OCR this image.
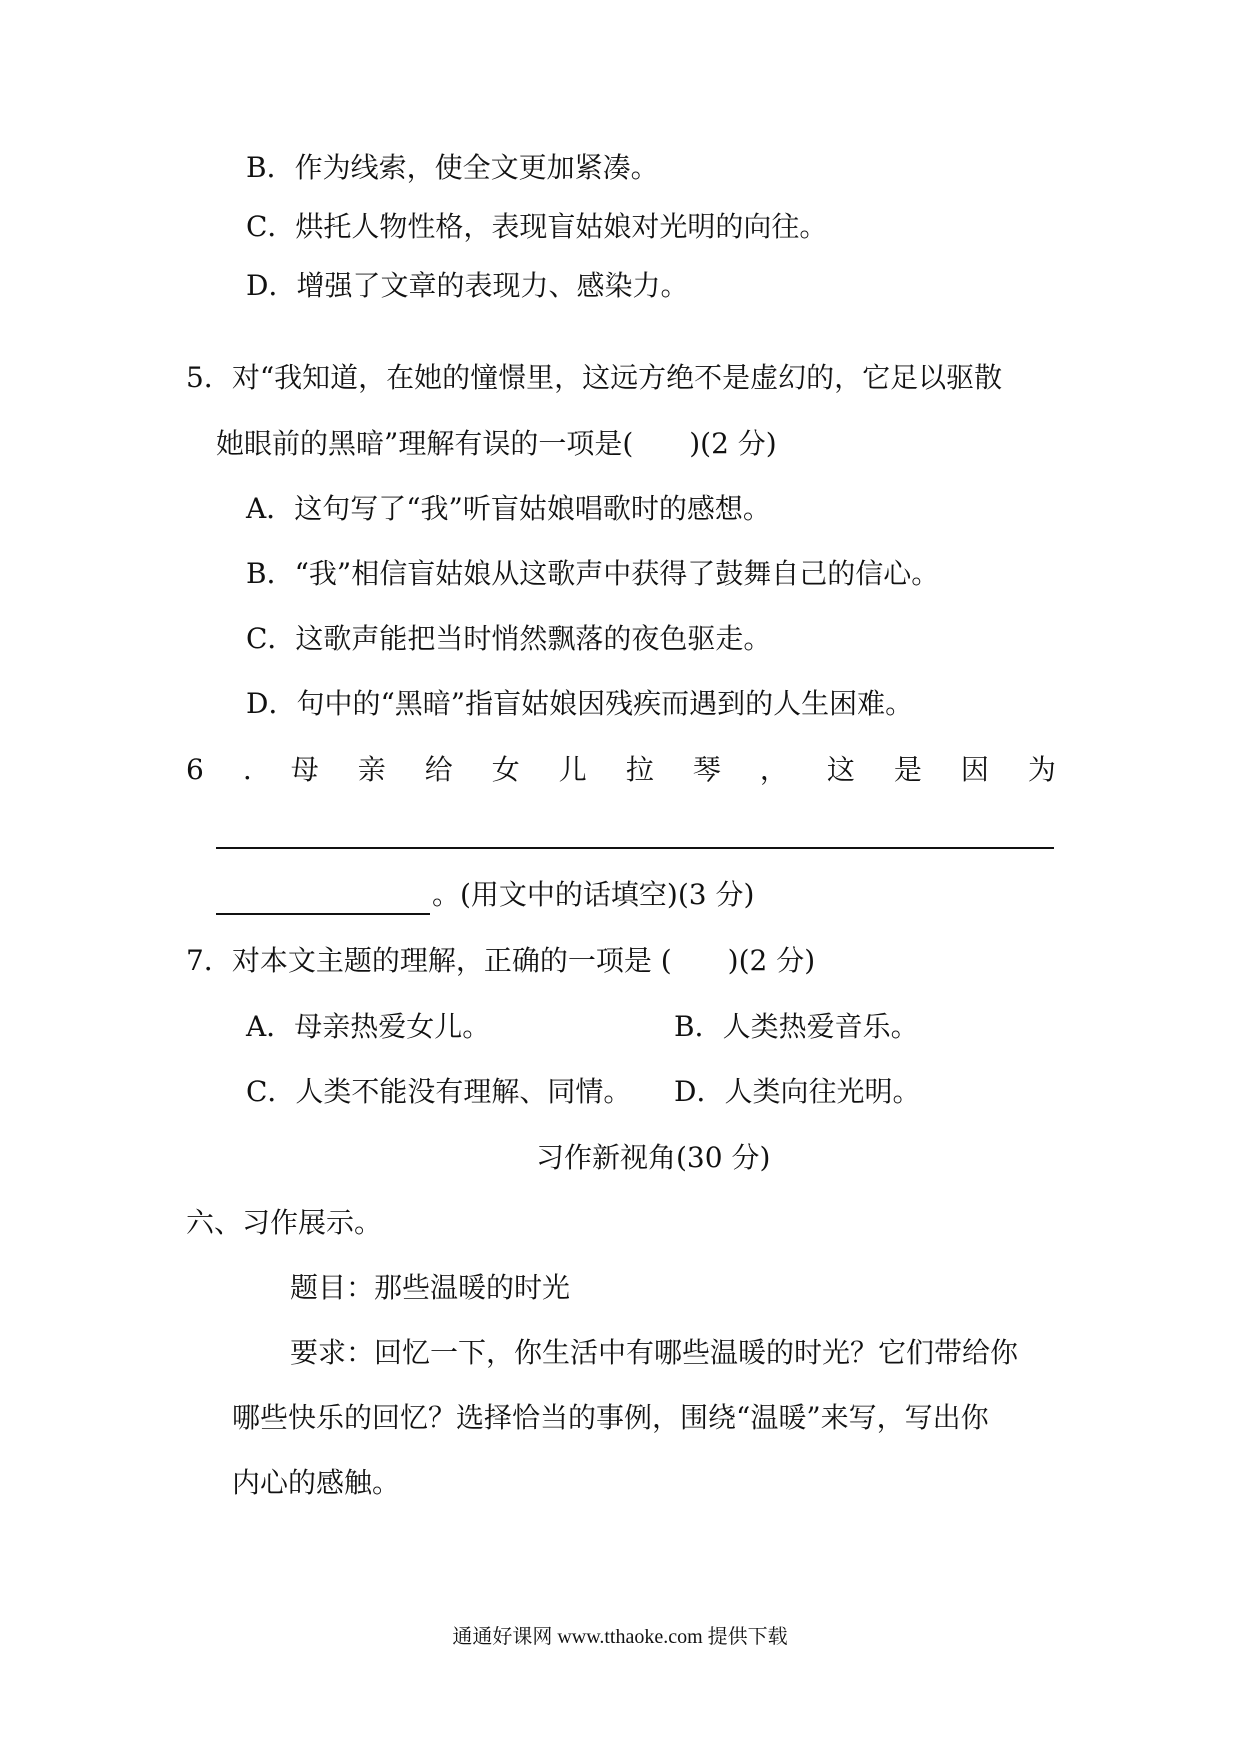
B．作为线索，使全文更加紧凑。
C．烘托人物性格，表现盲姑娘对光明的向往。
D．增强了文章的表现力、感染力。
5．对“我知道，在她的憧憬里，这远方绝不是虚幻的，它足以驱散
她眼前的黑暗”理解有误的一项是(　　)(2 分)
A．这句写了“我”听盲姑娘唱歌时的感想。
B．“我”相信盲姑娘从这歌声中获得了鼓舞自己的信心。
C．这歌声能把当时悄然飘落的夜色驱走。
D．句中的“黑暗”指盲姑娘因残疾而遇到的人生困难。
6 . 母 亲 给 女 儿 拉 琴 ， 这 是 因 为
。(用文中的话填空)(3 分)
7．对本文主题的理解，正确的一项是 (　　)(2 分)
A．母亲热爱女儿。	B．人类热爱音乐。
C．人类不能没有理解、同情。 D．人类向往光明。
习作新视角(30 分)
六、习作展示。
题目：那些温暖的时光
要求：回忆一下，你生活中有哪些温暖的时光？它们带给你
哪些快乐的回忆？选择恰当的事例，围绕“温暖”来写，写出你
内心的感触。
通通好课网 www.tthaoke.com 提供下载
